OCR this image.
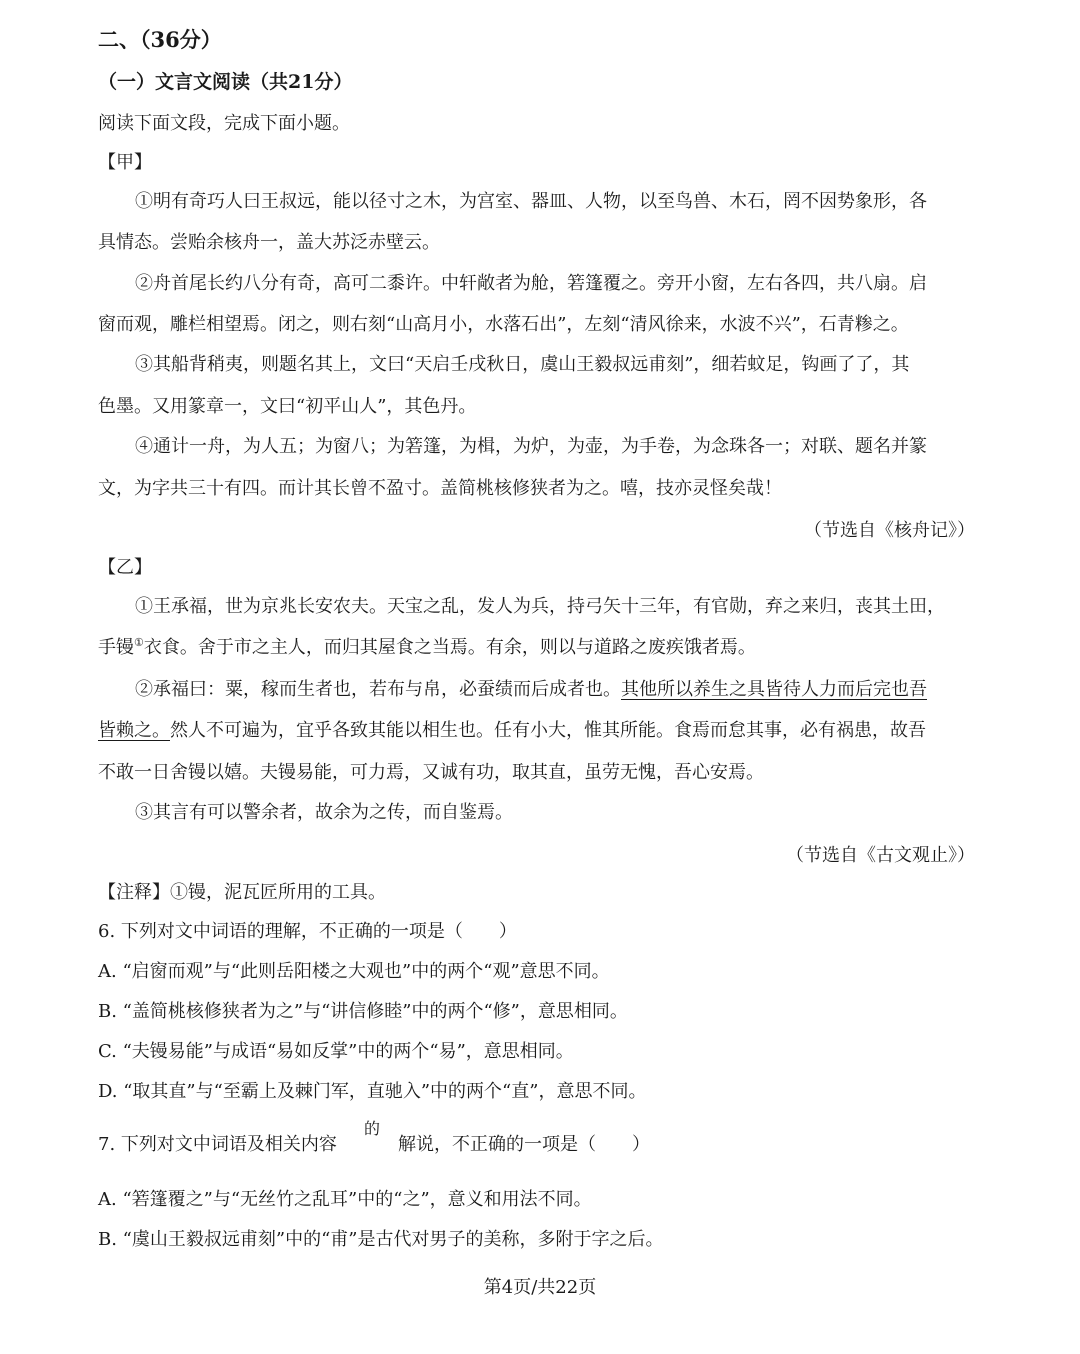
二、（36分）
（一）文言文阅读（共21分）
阅读下面文段，完成下面小题。
【甲】
①明有奇巧人曰王叔远，能以径寸之木，为宫室、器皿、人物，以至鸟兽、木石，罔不因势象形，各
具情态。尝贻余核舟一，盖大苏泛赤壁云。
②舟首尾长约八分有奇，高可二黍许。中轩敞者为舱，箬篷覆之。旁开小窗，左右各四，共八扇。启
窗而观，雕栏相望焉。闭之，则右刻“山高月小，水落石出”，左刻“清风徐来，水波不兴”，石青糁之。
③其船背稍夷，则题名其上，文曰“天启壬戌秋日，虞山王毅叔远甫刻”，细若蚊足，钩画了了，其
色墨。又用篆章一，文曰“初平山人”，其色丹。
④通计一舟，为人五；为窗八；为箬篷，为楫，为炉，为壶，为手卷，为念珠各一；对联、题名并篆
文，为字共三十有四。而计其长曾不盈寸。盖简桃核修狭者为之。嘻，技亦灵怪矣哉！
（节选自《核舟记》）
【乙】
①王承福，世为京兆长安农夫。天宝之乱，发人为兵，持弓矢十三年，有官勋，弃之来归，丧其土田，
手镘①衣食。舍于市之主人，而归其屋食之当焉。有余，则以与道路之废疾饿者焉。
②承福曰：粟，稼而生者也，若布与帛，必蚕绩而后成者也。其他所以养生之具皆待人力而后完也吾
皆赖之。然人不可遍为，宜乎各致其能以相生也。任有小大，惟其所能。食焉而怠其事，必有祸患，故吾
不敢一日舍镘以嬉。夫镘易能，可力焉，又诚有功，取其直，虽劳无愧，吾心安焉。
③其言有可以警余者，故余为之传，而自鉴焉。
（节选自《古文观止》）
【注释】①镘，泥瓦匠所用的工具。
6. 下列对文中词语的理解，不正确的一项是（　　）
A. “启窗而观”与“此则岳阳楼之大观也”中的两个“观”意思不同。
B. “盖简桃核修狭者为之”与“讲信修睦”中的两个“修”，意思相同。
C. “夫镘易能”与成语“易如反掌”中的两个“易”，意思相同。
D. “取其直”与“至霸上及棘门军，直驰入”中的两个“直”，意思不同。
7. 下列对文中词语及相关内容
的
解说，不正确的一项是（　　）
A. “箬篷覆之”与“无丝竹之乱耳”中的“之”，意义和用法不同。
B. “虞山王毅叔远甫刻”中的“甫”是古代对男子的美称，多附于字之后。
第4页/共22页
